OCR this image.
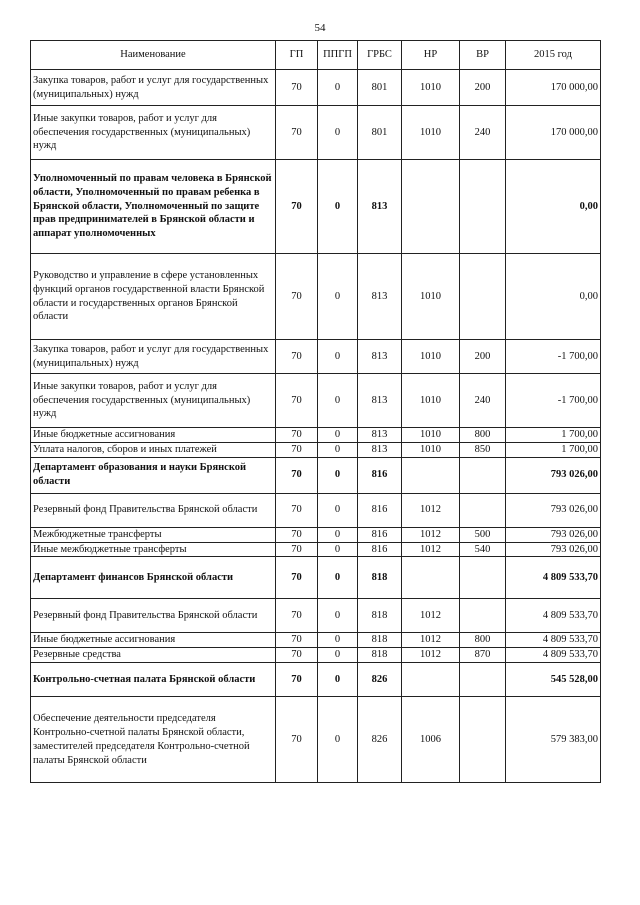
54
Наименование	ГП	ППГП	ГРБС	НР	ВР	2015 год
Закупка товаров, работ и услуг для государственных (муниципальных) нужд	70	0	801	1010	200	170 000,00
Иные закупки товаров, работ и услуг для обеспечения государственных (муниципальных) нужд	70	0	801	1010	240	170 000,00
Уполномоченный по правам человека в Брянской области, Уполномоченный по правам ребенка в Брянской области, Уполномоченный по защите прав предпринимателей в Брянской области и аппарат уполномоченных	70	0	813			0,00
Руководство и управление в сфере установленных функций органов государственной власти Брянской области и государственных органов Брянской области	70	0	813	1010		0,00
Закупка товаров, работ и услуг для государственных (муниципальных) нужд	70	0	813	1010	200	-1 700,00
Иные закупки товаров, работ и услуг для обеспечения государственных (муниципальных) нужд	70	0	813	1010	240	-1 700,00
Иные бюджетные ассигнования	70	0	813	1010	800	1 700,00
Уплата налогов, сборов и иных платежей	70	0	813	1010	850	1 700,00
Департамент образования и науки Брянской области	70	0	816			793 026,00
Резервный фонд Правительства Брянской области	70	0	816	1012		793 026,00
Межбюджетные трансферты	70	0	816	1012	500	793 026,00
Иные межбюджетные трансферты	70	0	816	1012	540	793 026,00
Департамент финансов Брянской области	70	0	818			4 809 533,70
Резервный фонд Правительства Брянской области	70	0	818	1012		4 809 533,70
Иные бюджетные ассигнования	70	0	818	1012	800	4 809 533,70
Резервные средства	70	0	818	1012	870	4 809 533,70
Контрольно-счетная палата Брянской области	70	0	826			545 528,00
Обеспечение деятельности председателя Контрольно-счетной палаты Брянской области, заместителей председателя Контрольно-счетной палаты Брянской области	70	0	826	1006		579 383,00
